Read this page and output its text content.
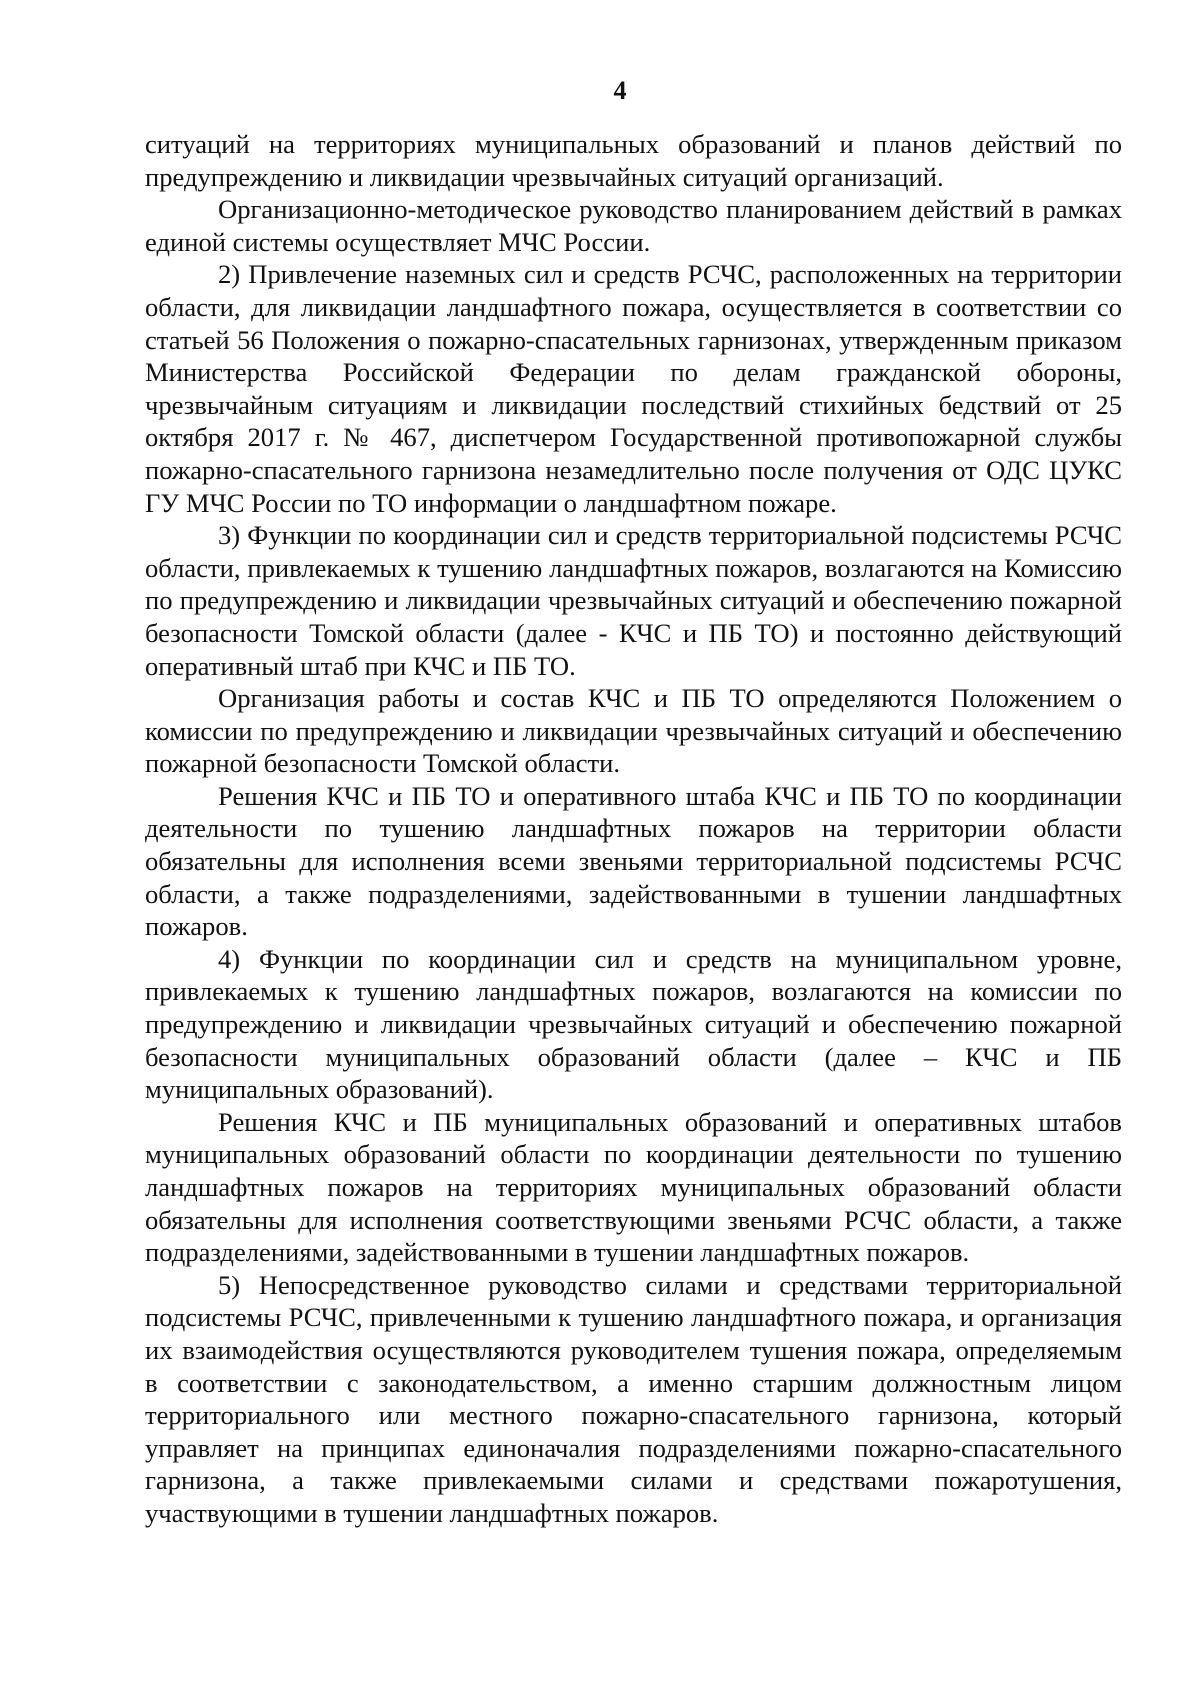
4

ситуаций на территориях муниципальных образований и планов действий по предупреждению и ликвидации чрезвычайных ситуаций организаций.

Организационно-методическое руководство планированием действий в рамках единой системы осуществляет МЧС России.

2) Привлечение наземных сил и средств РСЧС, расположенных на территории области, для ликвидации ландшафтного пожара, осуществляется в соответствии со статьей 56 Положения о пожарно-спасательных гарнизонах, утвержденным приказом Министерства Российской Федерации по делам гражданской обороны, чрезвычайным ситуациям и ликвидации последствий стихийных бедствий от 25 октября 2017 г. № 467, диспетчером Государственной противопожарной службы пожарно-спасательного гарнизона незамедлительно после получения от ОДС ЦУКС ГУ МЧС России по ТО информации о ландшафтном пожаре.

3) Функции по координации сил и средств территориальной подсистемы РСЧС области, привлекаемых к тушению ландшафтных пожаров, возлагаются на Комиссию по предупреждению и ликвидации чрезвычайных ситуаций и обеспечению пожарной безопасности Томской области (далее - КЧС и ПБ ТО) и постоянно действующий оперативный штаб при КЧС и ПБ ТО.

Организация работы и состав КЧС и ПБ ТО определяются Положением о комиссии по предупреждению и ликвидации чрезвычайных ситуаций и обеспечению пожарной безопасности Томской области.

Решения КЧС и ПБ ТО и оперативного штаба КЧС и ПБ ТО по координации деятельности по тушению ландшафтных пожаров на территории области обязательны для исполнения всеми звеньями территориальной подсистемы РСЧС области, а также подразделениями, задействованными в тушении ландшафтных пожаров.

4) Функции по координации сил и средств на муниципальном уровне, привлекаемых к тушению ландшафтных пожаров, возлагаются на комиссии по предупреждению и ликвидации чрезвычайных ситуаций и обеспечению пожарной безопасности муниципальных образований области (далее – КЧС и ПБ муниципальных образований).

Решения КЧС и ПБ муниципальных образований и оперативных штабов муниципальных образований области по координации деятельности по тушению ландшафтных пожаров на территориях муниципальных образований области обязательны для исполнения соответствующими звеньями РСЧС области, а также подразделениями, задействованными в тушении ландшафтных пожаров.

5) Непосредственное руководство силами и средствами территориальной подсистемы РСЧС, привлеченными к тушению ландшафтного пожара, и организация их взаимодействия осуществляются руководителем тушения пожара, определяемым в соответствии с законодательством, а именно старшим должностным лицом территориального или местного пожарно-спасательного гарнизона, который управляет на принципах единоначалия подразделениями пожарно-спасательного гарнизона, а также привлекаемыми силами и средствами пожаротушения, участвующими в тушении ландшафтных пожаров.
